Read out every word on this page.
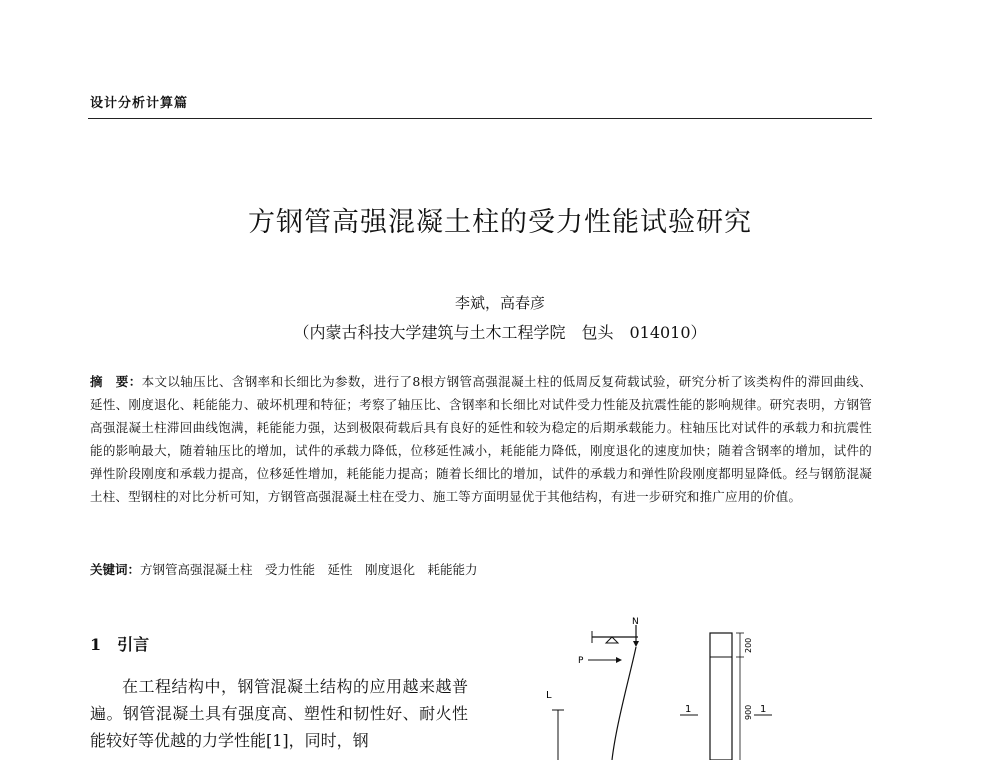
设计分析计算篇
方钢管高强混凝土柱的受力性能试验研究
李斌，高春彦
（内蒙古科技大学建筑与土木工程学院　包头　014010）
摘　要：本文以轴压比、含钢率和长细比为参数，进行了8根方钢管高强混凝土柱的低周反复荷载试验，研究分析了该类构件的滞回曲线、延性、刚度退化、耗能能力、破坏机理和特征；考察了轴压比、含钢率和长细比对试件受力性能及抗震性能的影响规律。研究表明，方钢管高强混凝土柱滞回曲线饱满，耗能能力强，达到极限荷载后具有良好的延性和较为稳定的后期承载能力。柱轴压比对试件的承载力和抗震性能的影响最大，随着轴压比的增加，试件的承载力降低，位移延性减小，耗能能力降低，刚度退化的速度加快；随着含钢率的增加，试件的弹性阶段刚度和承载力提高，位移延性增加，耗能能力提高；随着长细比的增加，试件的承载力和弹性阶段刚度都明显降低。经与钢筋混凝土柱、型钢柱的对比分析可知，方钢管高强混凝土柱在受力、施工等方面明显优于其他结构，有进一步研究和推广应用的价值。
关键词：方钢管高强混凝土柱　受力性能　延性　刚度退化　耗能能力
1　引言
在工程结构中，钢管混凝土结构的应用越来越普遍。钢管混凝土具有强度高、塑性和韧性好、耐火性能较好等优越的力学性能[1]，同时，钢
N
P
L
200
900
1	1
